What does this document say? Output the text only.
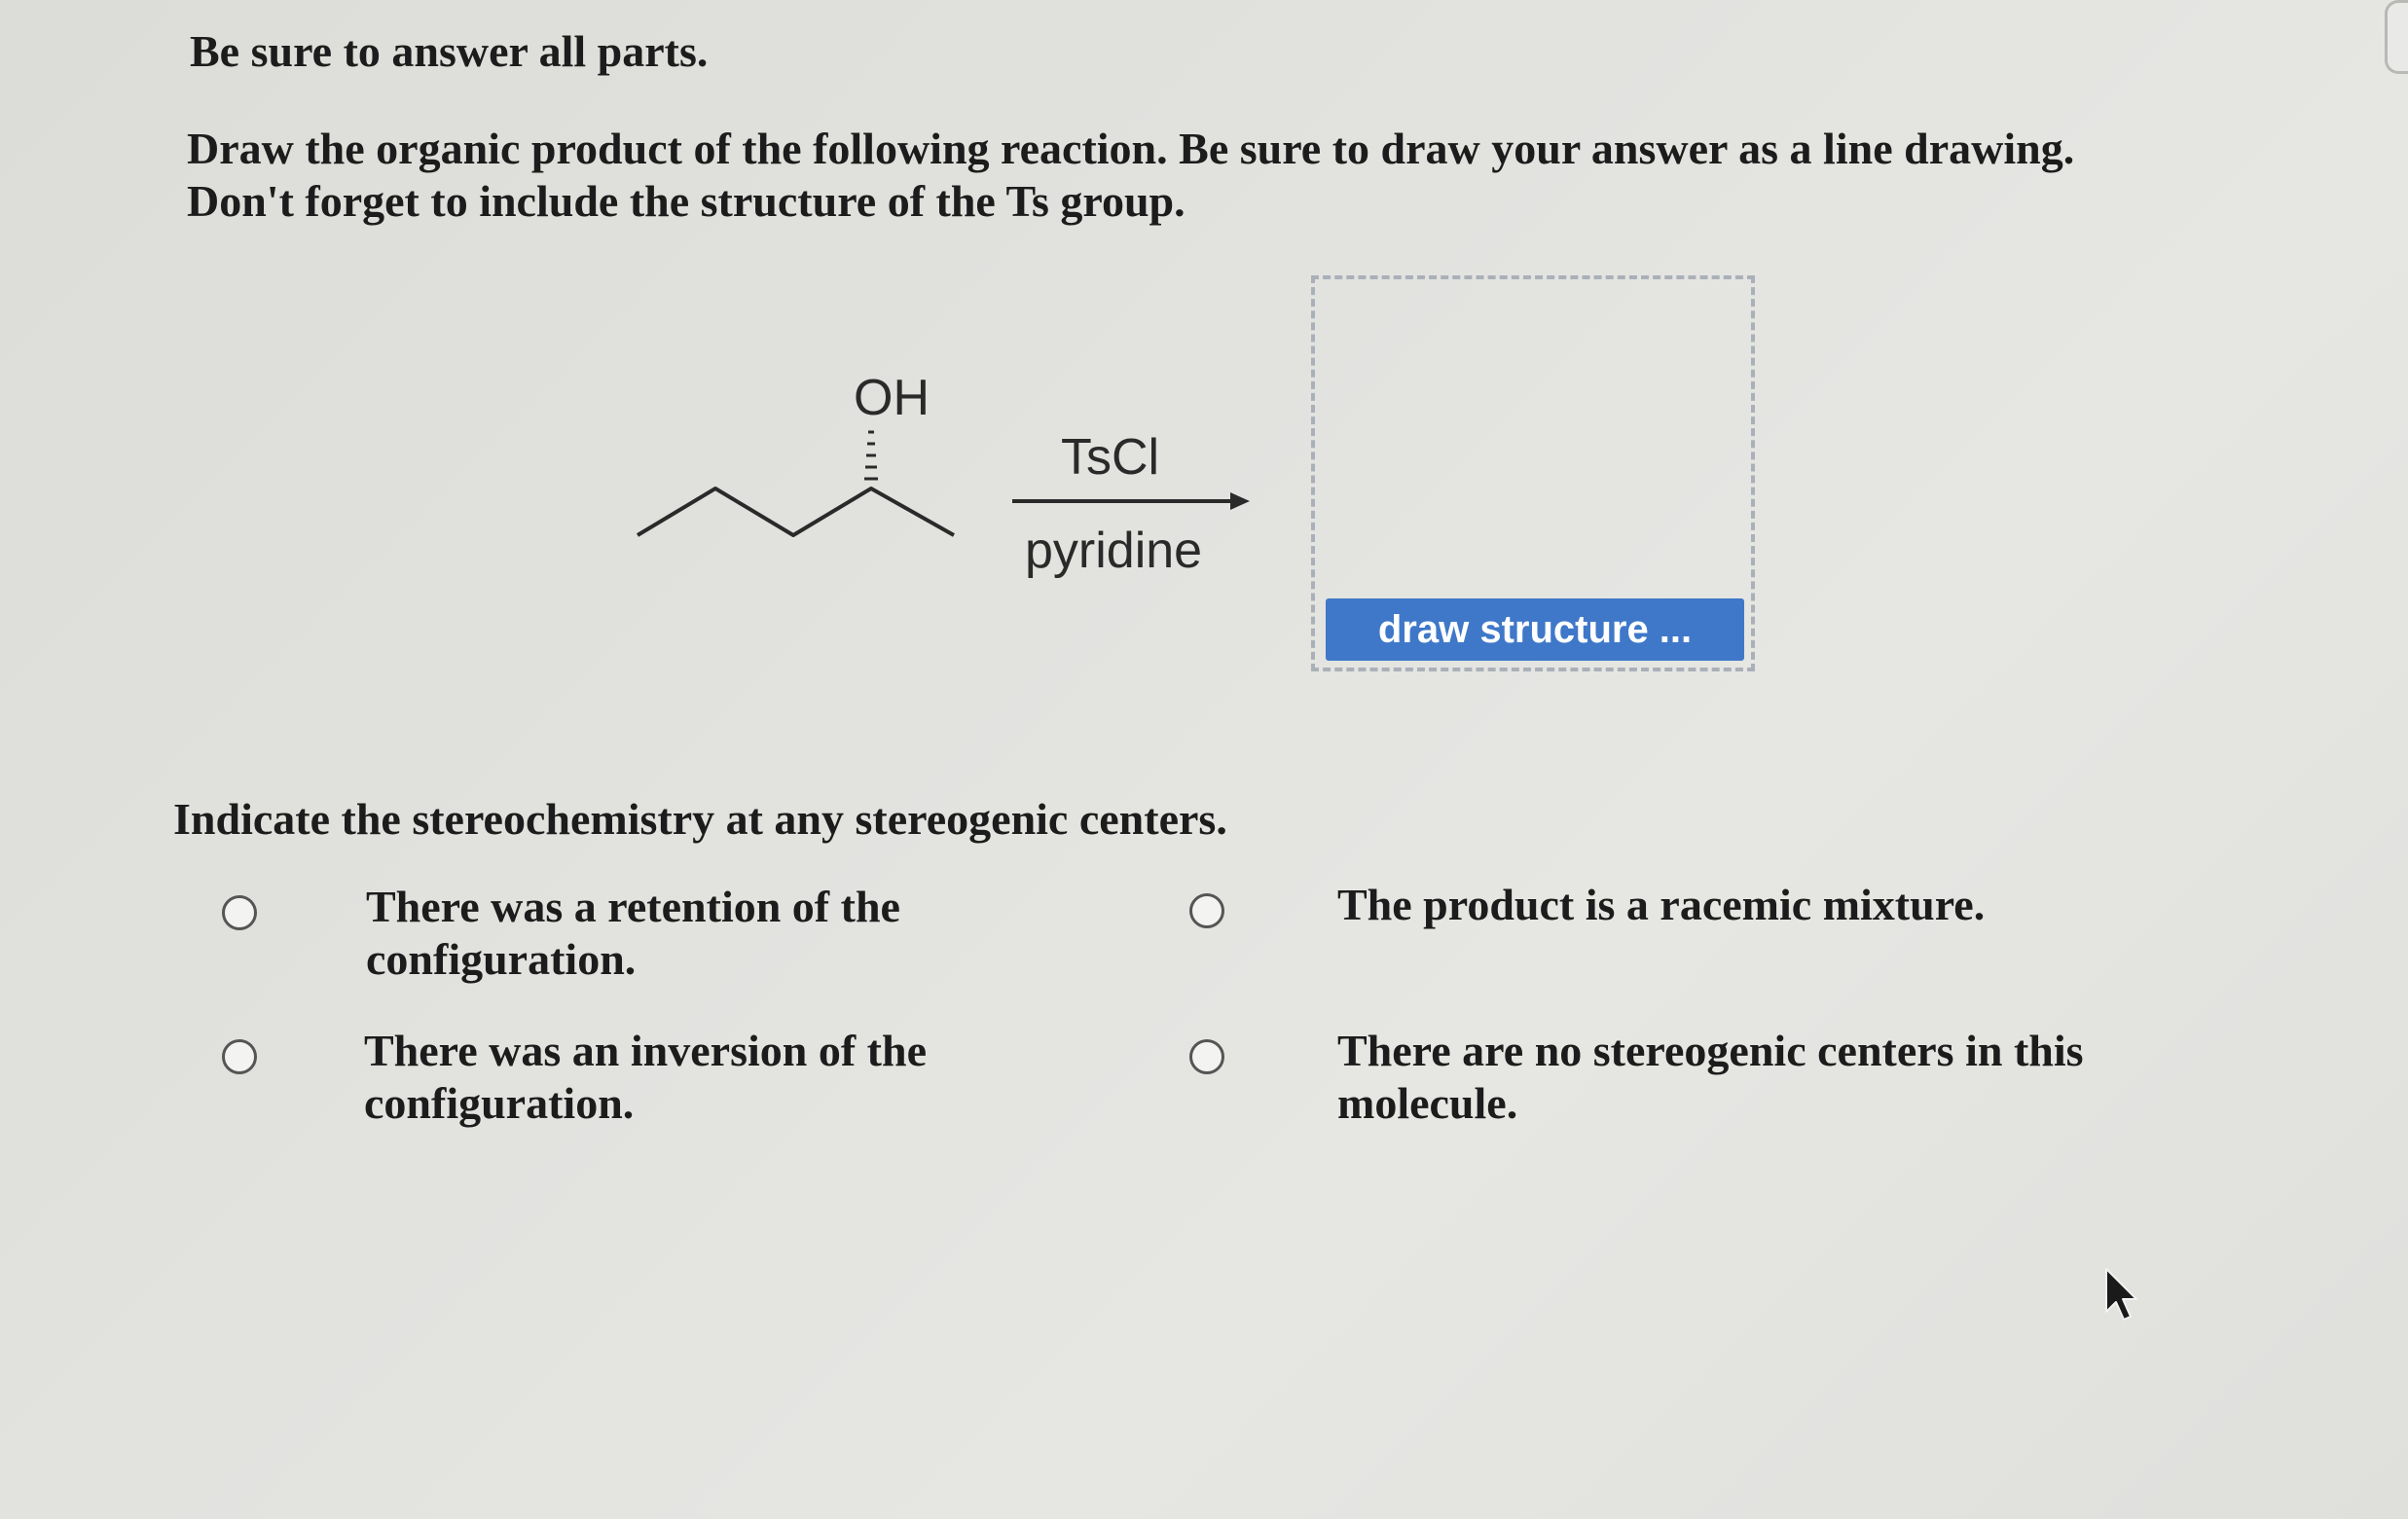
Be sure to answer all parts.
Draw the organic product of the following reaction. Be sure to draw your answer as a line drawing.
Don't forget to include the structure of the Ts group.
OH
TsCl
pyridine
draw structure ...
Indicate the stereochemistry at any stereogenic centers.
There was a retention of the configuration.
There was an inversion of the configuration.
The product is a racemic mixture.
There are no stereogenic centers in this molecule.
